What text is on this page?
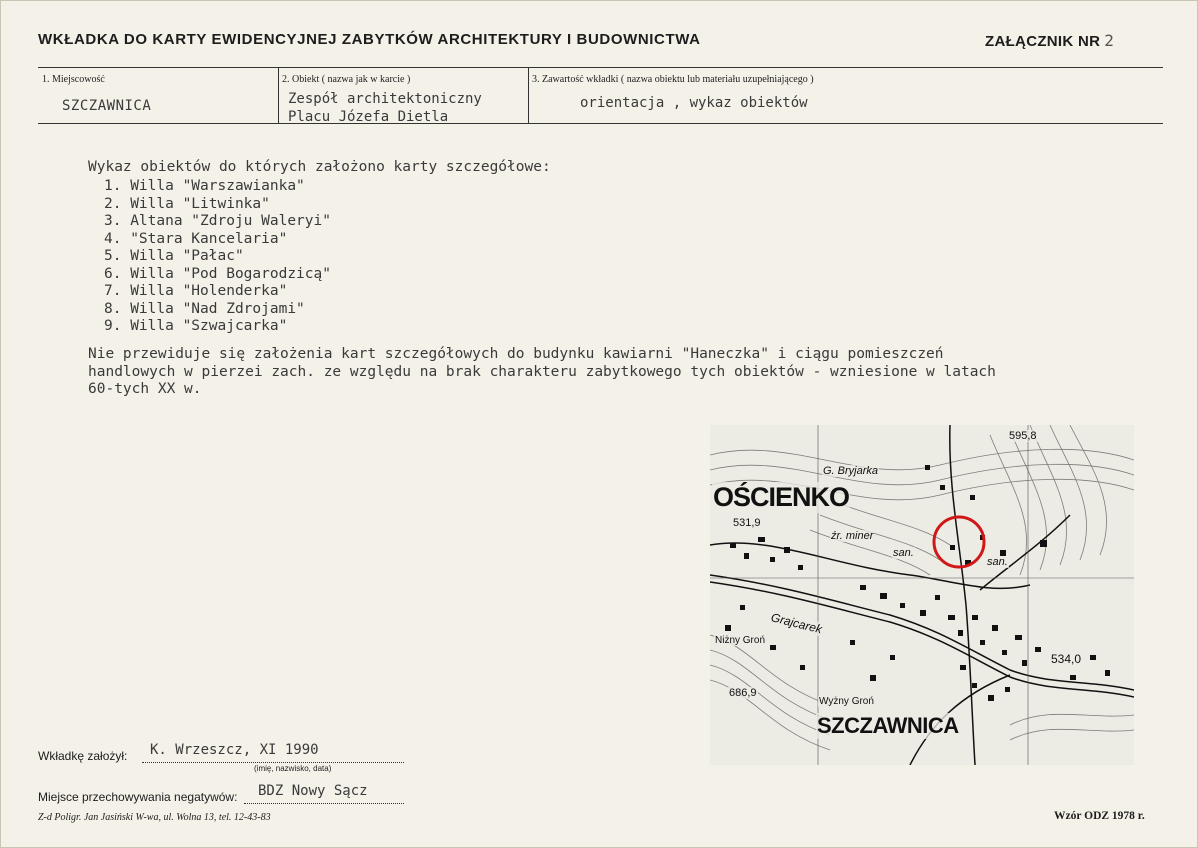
WKŁADKA DO KARTY EWIDENCYJNEJ ZABYTKÓW ARCHITEKTURY I BUDOWNICTWA	ZAŁĄCZNIK NR 2
1. Miejscowość
SZCZAWNICA
2. Obiekt ( nazwa jak w karcie )
Zespół architektoniczny
Placu Józefa Dietla
3. Zawartość wkładki ( nazwa obiektu lub materiału uzupełniającego )
orientacja , wykaz obiektów
Wykaz obiektów do których założono karty szczegółowe:
1. Willa "Warszawianka"
2. Willa "Litwinka"
3. Altana "Zdroju Waleryi"
4. "Stara Kancelaria"
5. Willa "Pałac"
6. Willa "Pod Bogarodzicą"
7. Willa "Holenderka"
8. Willa "Nad Zdrojami"
9. Willa "Szwajcarka"
Nie przewiduje się założenia kart szczegółowych do budynku kawiarni "Haneczka" i ciągu pomieszczeń
handlowych w pierzei zach. ze względu na brak charakteru zabytkowego tych obiektów - wzniesione w latach
60-tych XX w.
OŚCIENKO
G. Bryjarka
595,8
531,9
źr. miner
san.
san.
Grajcarek
Niżny Groń
534,0
686,9
Wyżny Groń
SZCZAWNICA
Wkładkę założył: K. Wrzeszcz, XI 1990
(imię, nazwisko, data)
Miejsce przechowywania negatywów: BDZ Nowy Sącz
Z-d Poligr. Jan Jasiński W-wa, ul. Wolna 13, tel. 12-43-83	Wzór ODZ 1978 r.
